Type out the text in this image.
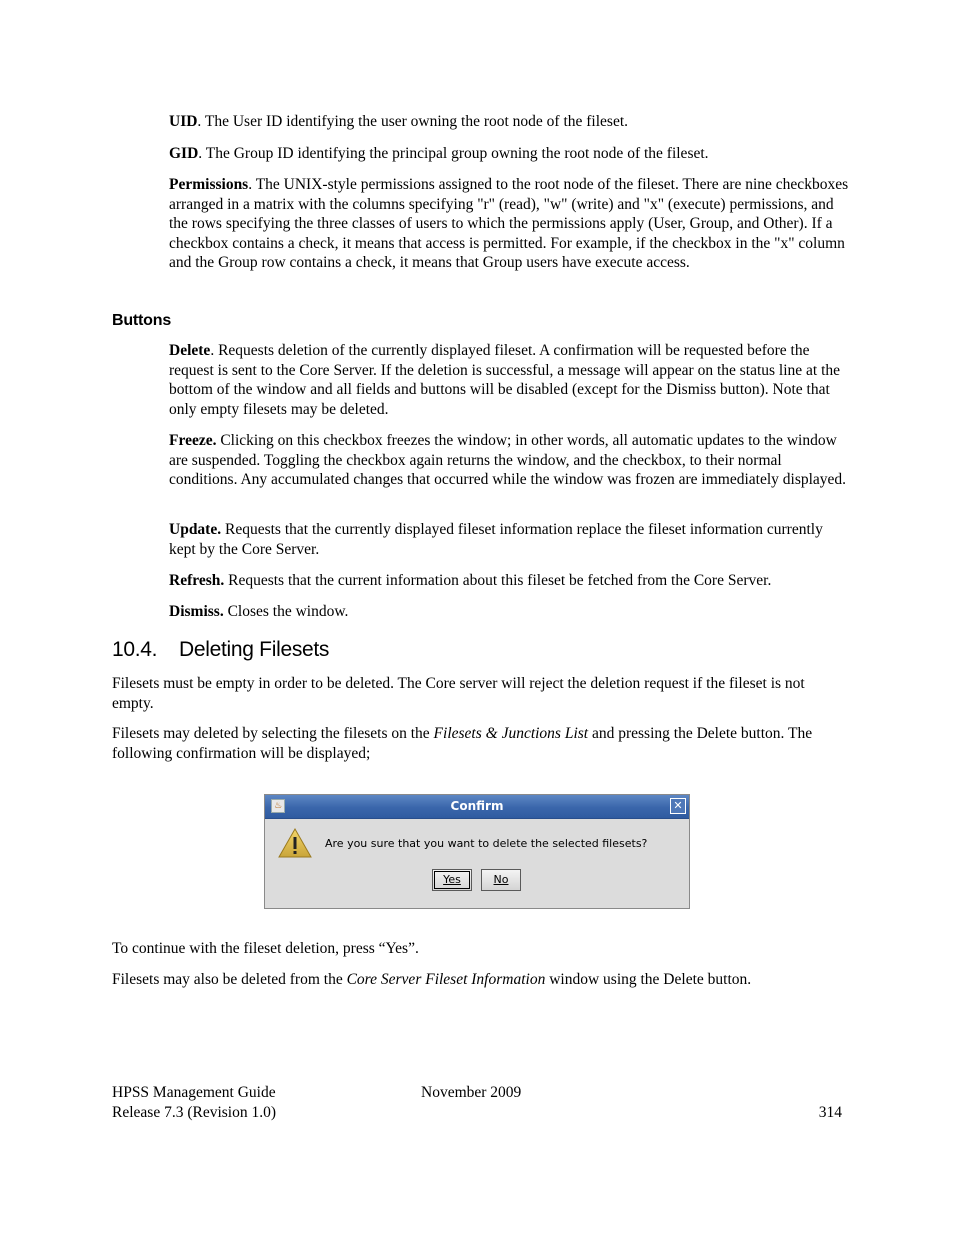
UID. The User ID identifying the user owning the root node of the fileset.

GID. The Group ID identifying the principal group owning the root node of the fileset.

Permissions. The UNIX-style permissions assigned to the root node of the fileset. There are nine checkboxes arranged in a matrix with the columns specifying "r" (read), "w" (write) and "x" (execute) permissions, and the rows specifying the three classes of users to which the permissions apply (User, Group, and Other). If a checkbox contains a check, it means that access is permitted. For example, if the checkbox in the "x" column and the Group row contains a check, it means that Group users have execute access.

Buttons

Delete. Requests deletion of the currently displayed fileset. A confirmation will be requested before the request is sent to the Core Server. If the deletion is successful, a message will appear on the status line at the bottom of the window and all fields and buttons will be disabled (except for the Dismiss button). Note that only empty filesets may be deleted.

Freeze. Clicking on this checkbox freezes the window; in other words, all automatic updates to the window are suspended. Toggling the checkbox again returns the window, and the checkbox, to their normal conditions. Any accumulated changes that occurred while the window was frozen are immediately displayed.

Update. Requests that the currently displayed fileset information replace the fileset information currently kept by the Core Server.

Refresh. Requests that the current information about this fileset be fetched from the Core Server.

Dismiss. Closes the window.

10.4. Deleting Filesets

Filesets must be empty in order to be deleted. The Core server will reject the deletion request if the fileset is not empty.

Filesets may deleted by selecting the filesets on the Filesets & Junctions List and pressing the Delete button. The following confirmation will be displayed;

♨	Confirm	✕
Are you sure that you want to delete the selected filesets?
Yes	No

To continue with the fileset deletion, press “Yes”.

Filesets may also be deleted from the Core Server Fileset Information window using the Delete button.

HPSS Management Guide
Release 7.3 (Revision 1.0)
November 2009
314
